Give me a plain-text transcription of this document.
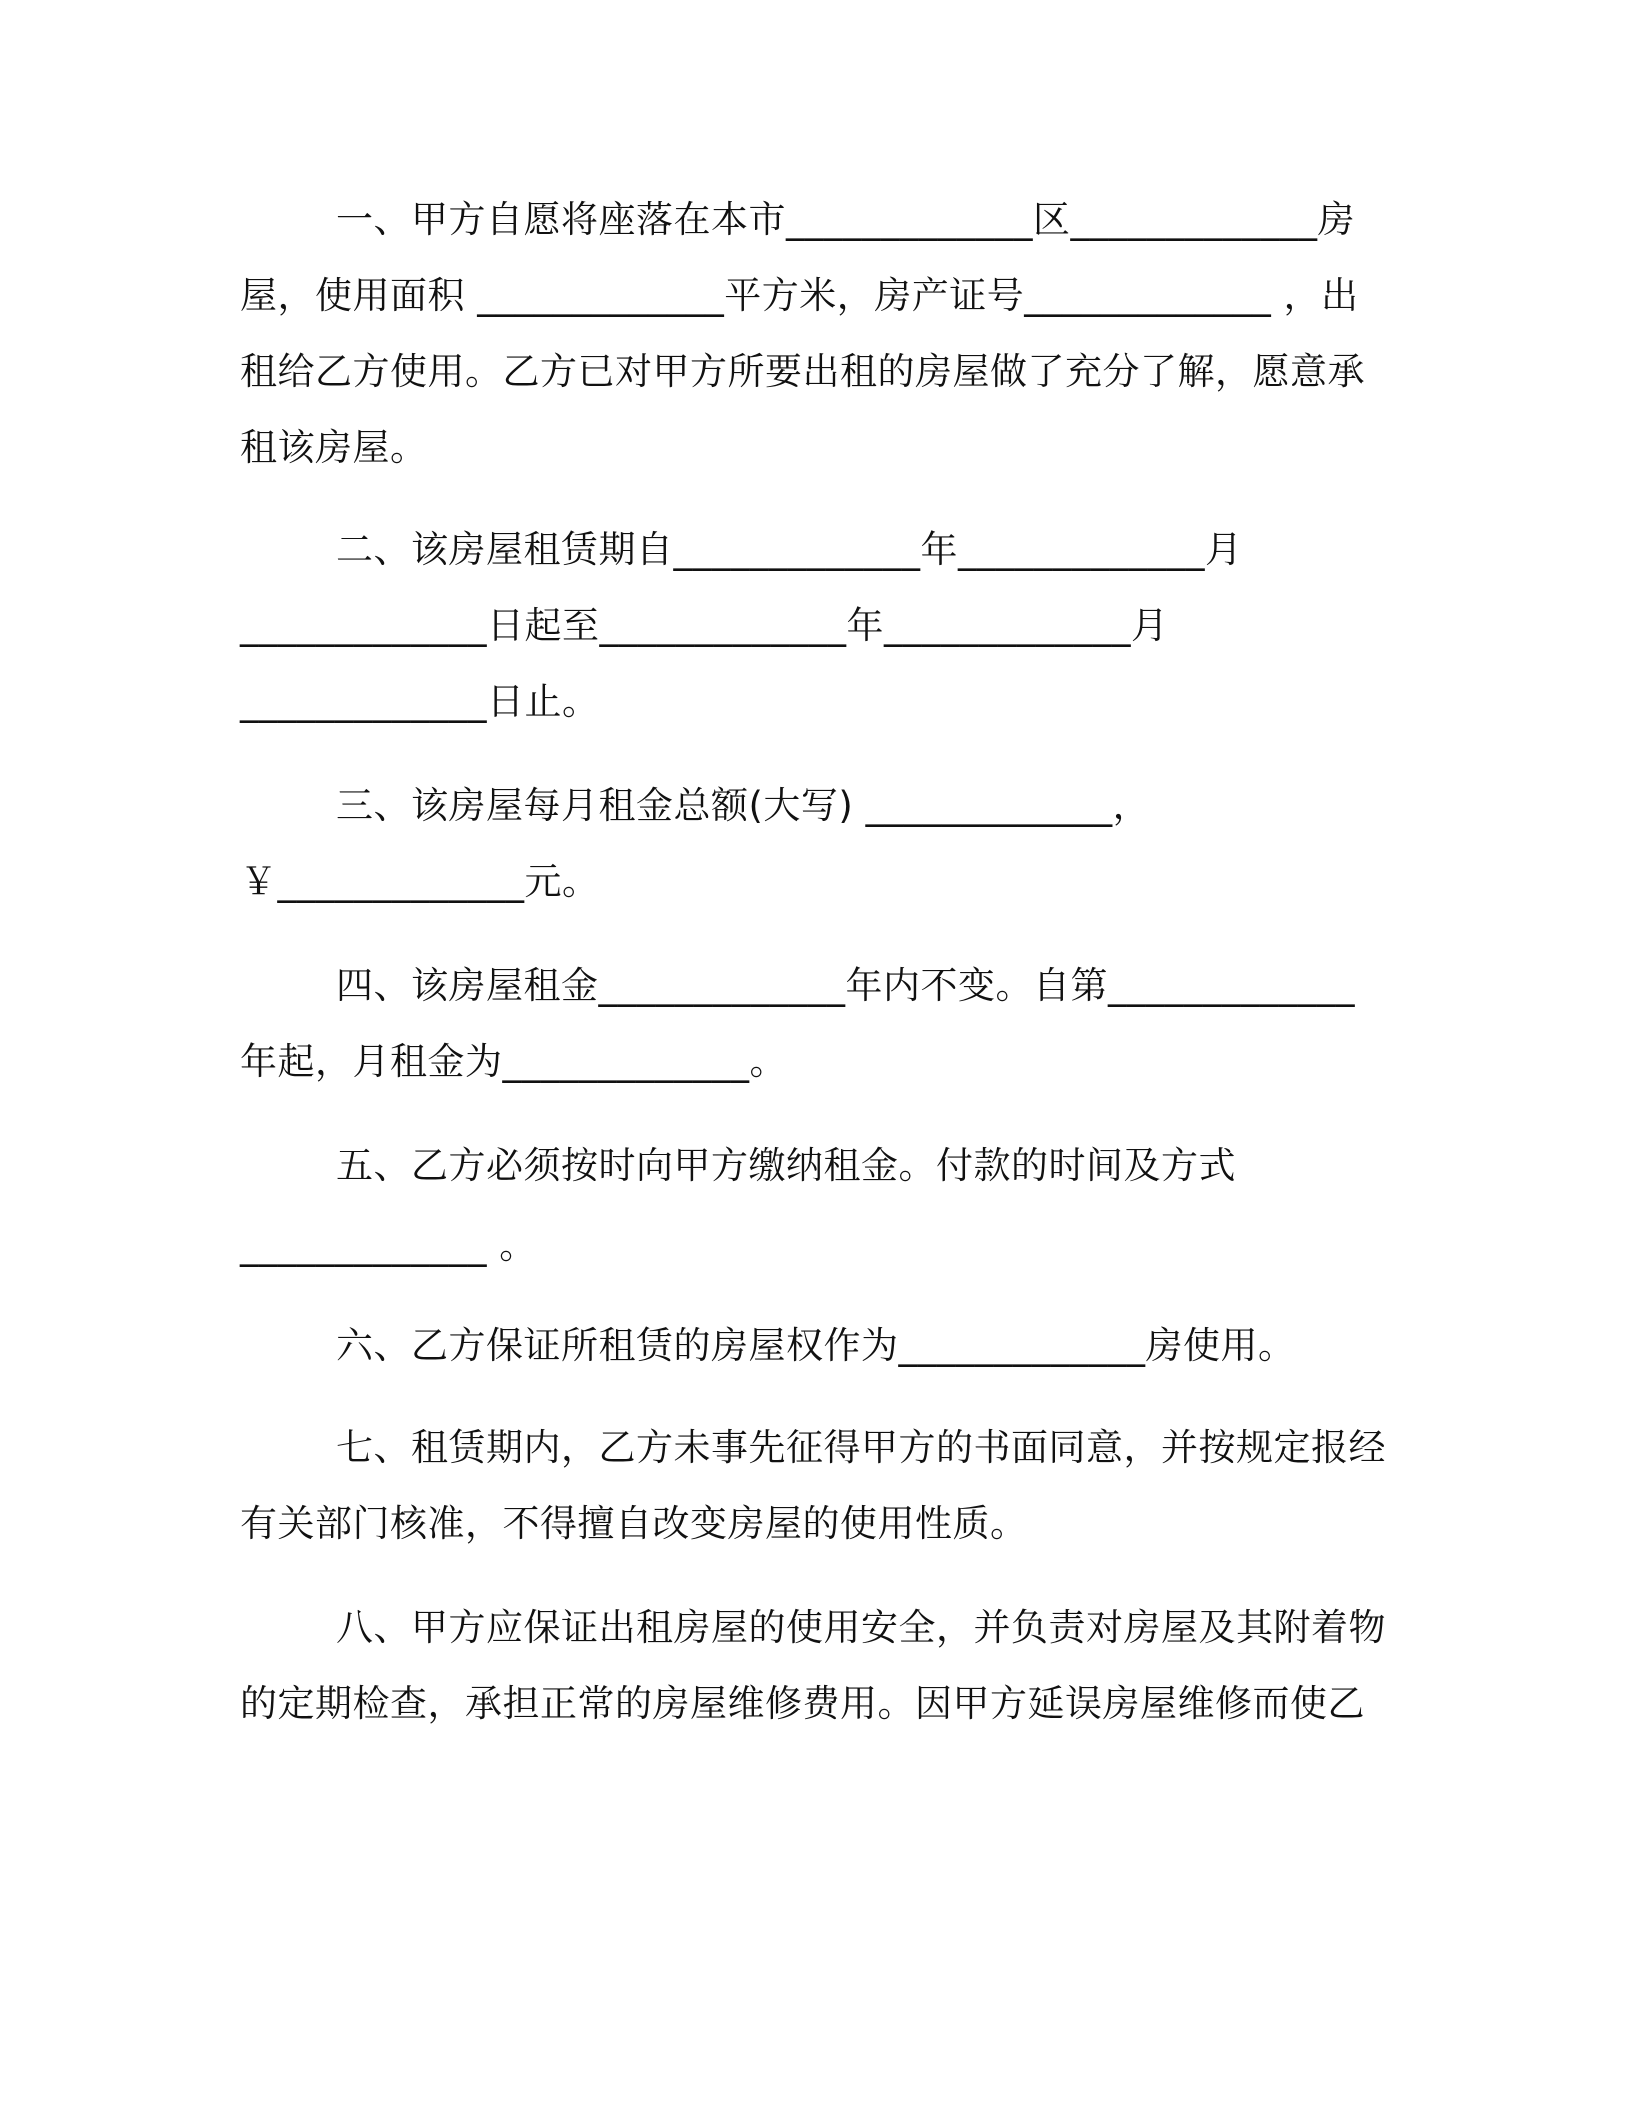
一、甲方自愿将座落在本市_____________区_____________房
屋，使用面积 _____________平方米，房产证号_____________ ，出
租给乙方使用。乙方已对甲方所要出租的房屋做了充分了解，愿意承
租该房屋。
二、该房屋租赁期自_____________年_____________月
_____________日起至_____________年_____________月
_____________日止。
三、该房屋每月租金总额(大写) _____________，
￥_____________元。
四、该房屋租金_____________年内不变。自第_____________
年起，月租金为_____________。
五、乙方必须按时向甲方缴纳租金。付款的时间及方式
_____________ 。
六、乙方保证所租赁的房屋权作为_____________房使用。
七、租赁期内，乙方未事先征得甲方的书面同意，并按规定报经
有关部门核准，不得擅自改变房屋的使用性质。
八、甲方应保证出租房屋的使用安全，并负责对房屋及其附着物
的定期检查，承担正常的房屋维修费用。因甲方延误房屋维修而使乙
